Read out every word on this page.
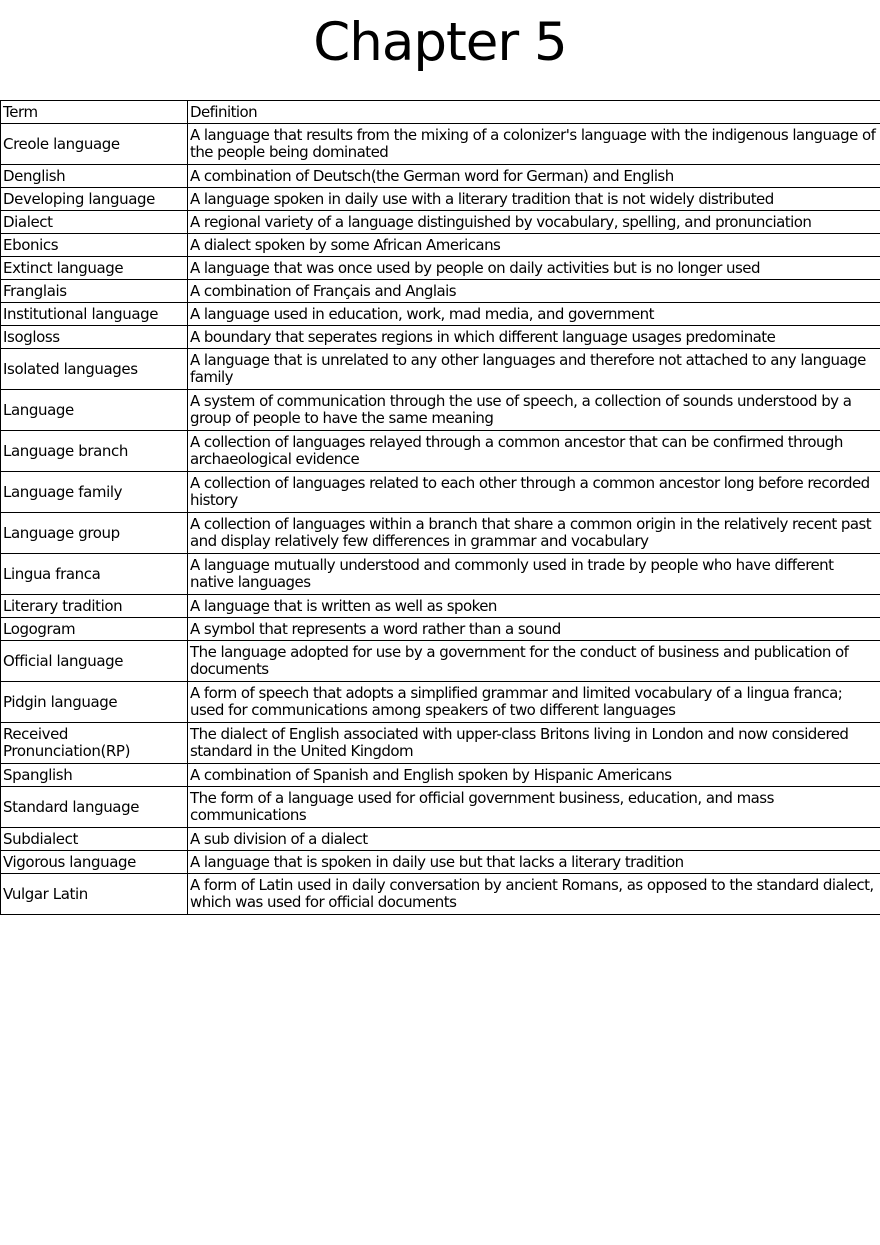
Chapter 5
Term	Definition
Creole language	A language that results from the mixing of a colonizer's language with the indigenous language of the people being dominated
Denglish	A combination of Deutsch(the German word for German) and English
Developing language	A language spoken in daily use with a literary tradition that is not widely distributed
Dialect	A regional variety of a language distinguished by vocabulary, spelling, and pronunciation
Ebonics	A dialect spoken by some African Americans
Extinct language	A language that was once used by people on daily activities but is no longer used
Franglais	A combination of Français and Anglais
Institutional language	A language used in education, work, mad media, and government
Isogloss	A boundary that seperates regions in which different language usages predominate
Isolated languages	A language that is unrelated to any other languages and therefore not attached to any language family
Language	A system of communication through the use of speech, a collection of sounds understood by a group of people to have the same meaning
Language branch	A collection of languages relayed through a common ancestor that can be confirmed through archaeological evidence
Language family	A collection of languages related to each other through a common ancestor long before recorded history
Language group	A collection of languages within a branch that share a common origin in the relatively recent past and display relatively few differences in grammar and vocabulary
Lingua franca	A language mutually understood and commonly used in trade by people who have different native languages
Literary tradition	A language that is written as well as spoken
Logogram	A symbol that represents a word rather than a sound
Official language	The language adopted for use by a government for the conduct of business and publication of documents
Pidgin language	A form of speech that adopts a simplified grammar and limited vocabulary of a lingua franca; used for communications among speakers of two different languages
Received Pronunciation(RP)	The dialect of English associated with upper-class Britons living in London and now considered standard in the United Kingdom
Spanglish	A combination of Spanish and English spoken by Hispanic Americans
Standard language	The form of a language used for official government business, education, and mass communications
Subdialect	A sub division of a dialect
Vigorous language	A language that is spoken in daily use but that lacks a literary tradition
Vulgar Latin	A form of Latin used in daily conversation by ancient Romans, as opposed to the standard dialect, which was used for official documents
